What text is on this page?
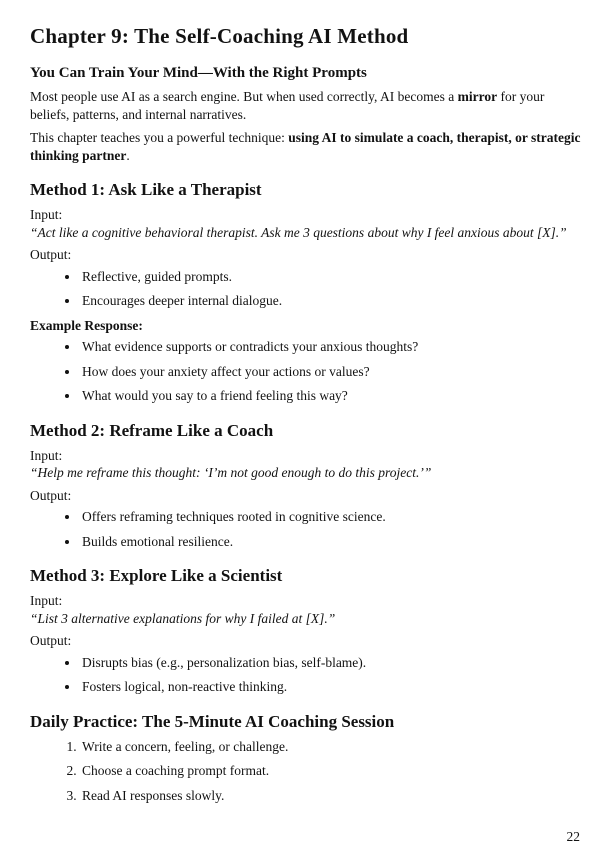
Chapter 9: The Self-Coaching AI Method
You Can Train Your Mind—With the Right Prompts

Most people use AI as a search engine. But when used correctly, AI becomes a mirror for your beliefs, patterns, and internal narratives.

This chapter teaches you a powerful technique: using AI to simulate a coach, therapist, or strategic thinking partner.

Method 1: Ask Like a Therapist
Input:
“Act like a cognitive behavioral therapist. Ask me 3 questions about why I feel anxious about [X].”
Output:
• Reflective, guided prompts.
• Encourages deeper internal dialogue.
Example Response:
• What evidence supports or contradicts your anxious thoughts?
• How does your anxiety affect your actions or values?
• What would you say to a friend feeling this way?
Method 2: Reframe Like a Coach
Input:
“Help me reframe this thought: ‘I’m not good enough to do this project.’”
Output:
• Offers reframing techniques rooted in cognitive science.
• Builds emotional resilience.
Method 3: Explore Like a Scientist
Input:
“List 3 alternative explanations for why I failed at [X].”
Output:
• Disrupts bias (e.g., personalization bias, self-blame).
• Fosters logical, non-reactive thinking.
Daily Practice: The 5-Minute AI Coaching Session
1. Write a concern, feeling, or challenge.
2. Choose a coaching prompt format.
3. Read AI responses slowly.
22
